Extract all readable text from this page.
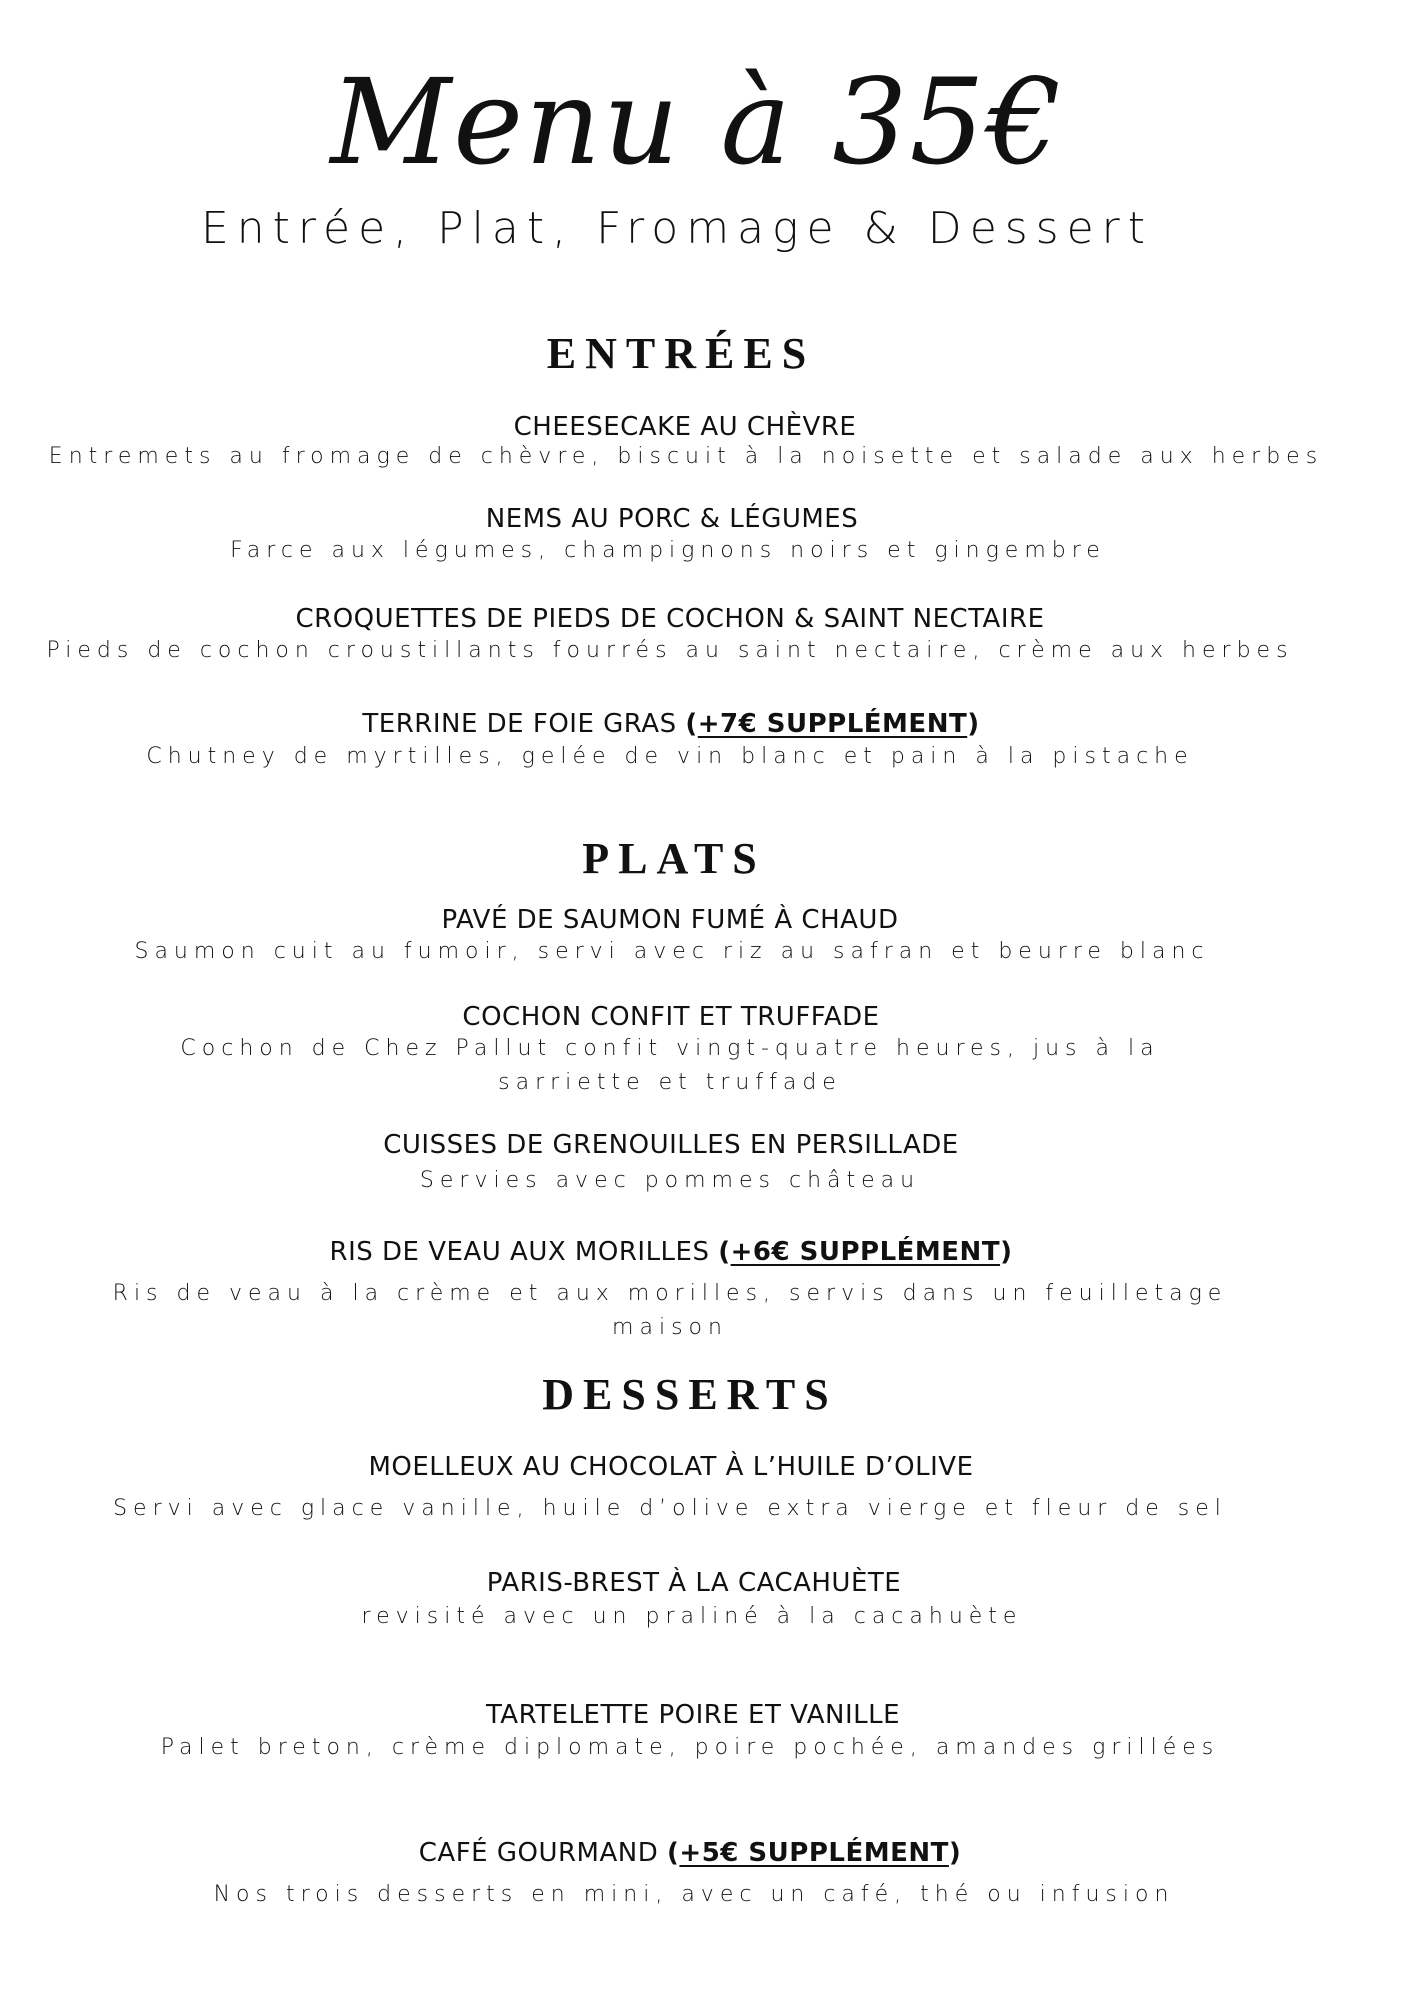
Menu à 35€
Entrée, Plat, Fromage & Dessert
ENTRÉES
CHEESECAKE AU CHÈVRE
Entremets au fromage de chèvre, biscuit à la noisette et salade aux herbes
NEMS AU PORC & LÉGUMES
Farce aux légumes, champignons noirs et gingembre
CROQUETTES DE PIEDS DE COCHON & SAINT NECTAIRE
Pieds de cochon croustillants fourrés au saint nectaire, crème aux herbes
TERRINE DE FOIE GRAS (+7€ SUPPLÉMENT)
Chutney de myrtilles, gelée de vin blanc et pain à la pistache
PLATS
PAVÉ DE SAUMON FUMÉ À CHAUD
Saumon cuit au fumoir, servi avec riz au safran et beurre blanc
COCHON CONFIT ET TRUFFADE
Cochon de Chez Pallut confit vingt-quatre heures, jus à la
sarriette et truffade
CUISSES DE GRENOUILLES EN PERSILLADE
Servies avec pommes château
RIS DE VEAU AUX MORILLES (+6€ SUPPLÉMENT)
Ris de veau à la crème et aux morilles, servis dans un feuilletage
maison
DESSERTS
MOELLEUX AU CHOCOLAT À L’HUILE D’OLIVE
Servi avec glace vanille, huile d’olive extra vierge et fleur de sel
PARIS-BREST À LA CACAHUÈTE
revisité avec un praliné à la cacahuète
TARTELETTE POIRE ET VANILLE
Palet breton, crème diplomate, poire pochée, amandes grillées
CAFÉ GOURMAND (+5€ SUPPLÉMENT)
Nos trois desserts en mini, avec un café, thé ou infusion
